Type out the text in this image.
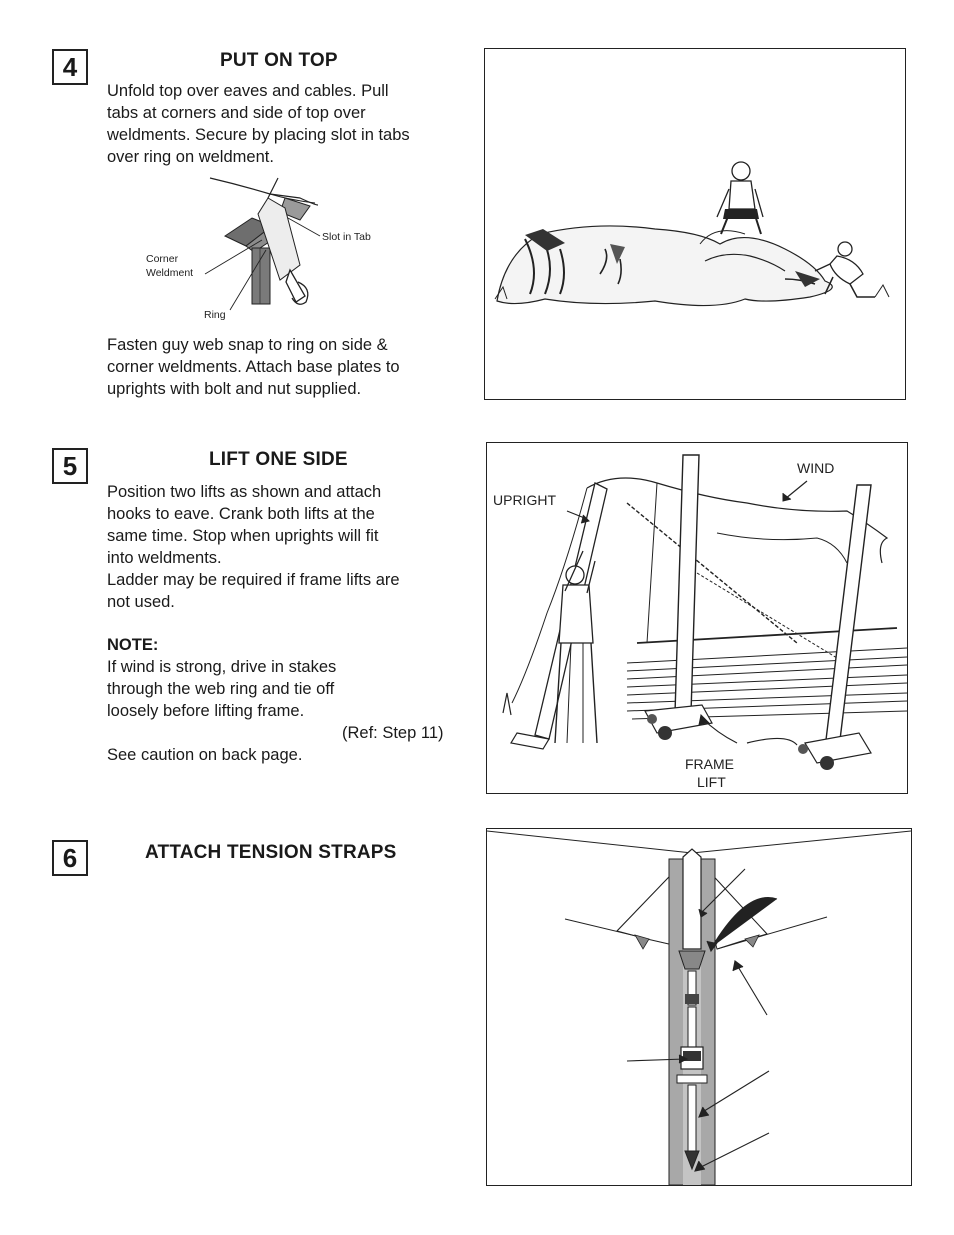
4	PUT ON TOP
Unfold top over eaves and cables. Pull
tabs at corners and side of top over
weldments. Secure by placing slot in tabs
over ring on weldment.
Slot in Tab
Corner
Weldment
Ring
Fasten guy web snap to ring on side &
corner weldments. Attach base plates to
uprights with bolt and nut supplied.
5	LIFT ONE SIDE
Position two lifts as shown and attach
hooks to eave. Crank both lifts at the
same time. Stop when uprights will fit
into weldments.
Ladder may be required if frame lifts are
not used.
NOTE:
If wind is strong, drive in stakes
through the web ring and tie off
loosely before lifting frame.
(Ref: Step 11)
See caution on back page.
UPRIGHT
WIND
FRAME
LIFT
6	ATTACH TENSION STRAPS
